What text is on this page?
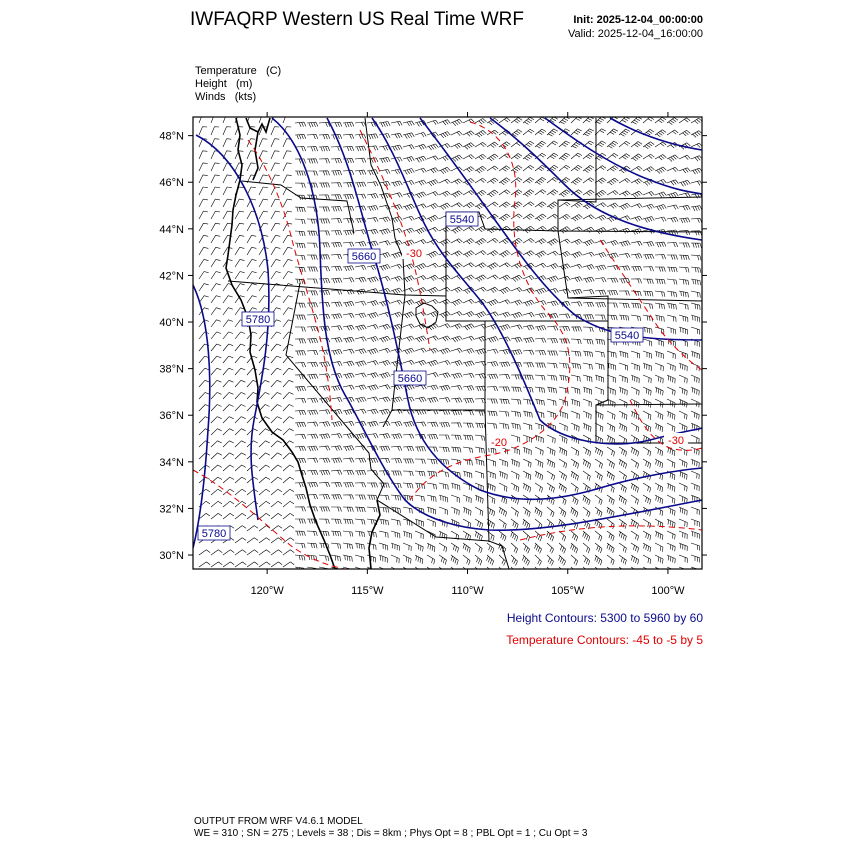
IWFAQRP Western US Real Time WRF	Init: 2025-12-04_00:00:00
Valid: 2025-12-04_16:00:00
Temperature (C)
Height (m)
Winds (kts)
5540
5660
5780
5660
5540
5780
-30
-20	-30
48°N
46°N
44°N
42°N
40°N
38°N
36°N
34°N
32°N
30°N
120°W	115°W	110°W	105°W	100°W
Height Contours: 5300 to 5960 by 60
Temperature Contours: -45 to -5 by 5
OUTPUT FROM WRF V4.6.1 MODEL
WE = 310 ; SN = 275 ; Levels = 38 ; Dis = 8km ; Phys Opt = 8 ; PBL Opt = 1 ; Cu Opt = 3
